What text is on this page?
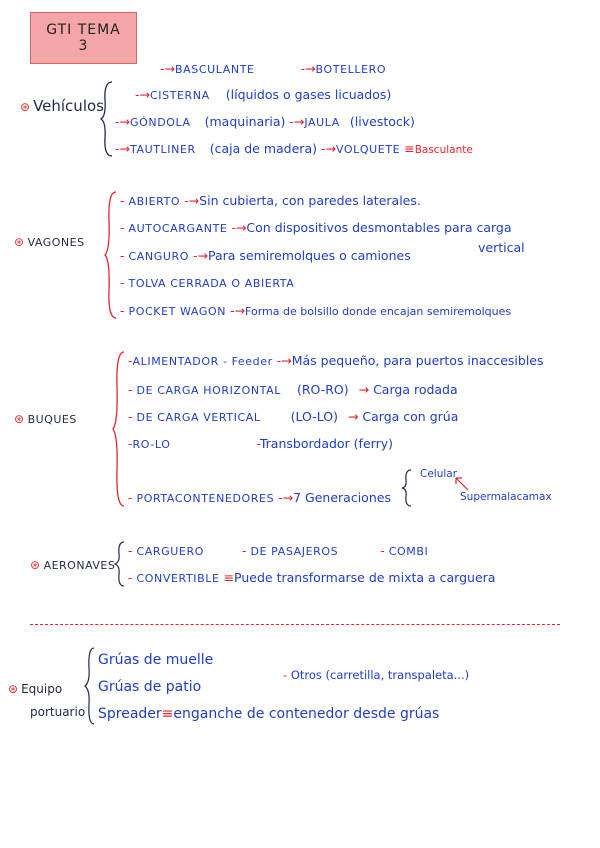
GTI TEMA
3
⊛ Vehículos
-→BASCULANTE	-→BOTELLERO
-→CISTERNA (líquidos o gases licuados)
-→GÓNDOLA (maquinaria) -→JAULA (livestock)
-→TAUTLINER (caja de madera) -→VOLQUETE ≡Basculante
⊛ VAGONES
- ABIERTO -→Sin cubierta, con paredes laterales.
- AUTOCARGANTE -→Con dispositivos desmontables para carga
vertical
- CANGURO -→Para semiremolques o camiones
- TOLVA CERRADA O ABIERTA
- POCKET WAGON -→Forma de bolsillo donde encajan semiremolques
⊛ BUQUES
-ALIMENTADOR - Feeder -→Más pequeño, para puertos inaccesibles
- DE CARGA HORIZONTAL (RO-RO) → Carga rodada
- DE CARGA VERTICAL (LO-LO) → Carga con grúa
-RO-LO	-Transbordador (ferry)
- PORTACONTENEDORES -→7 Generaciones
Celular
Supermalacamax
⊛ AERONAVES
- CARGUERO	- DE PASAJEROS	- COMBI
- CONVERTIBLE ≡Puede transformarse de mixta a carguera
⊛ Equipo
portuario
Grúas de muelle
Grúas de patio
Spreader≡enganche de contenedor desde grúas
- Otros (carretilla, transpaleta...)
